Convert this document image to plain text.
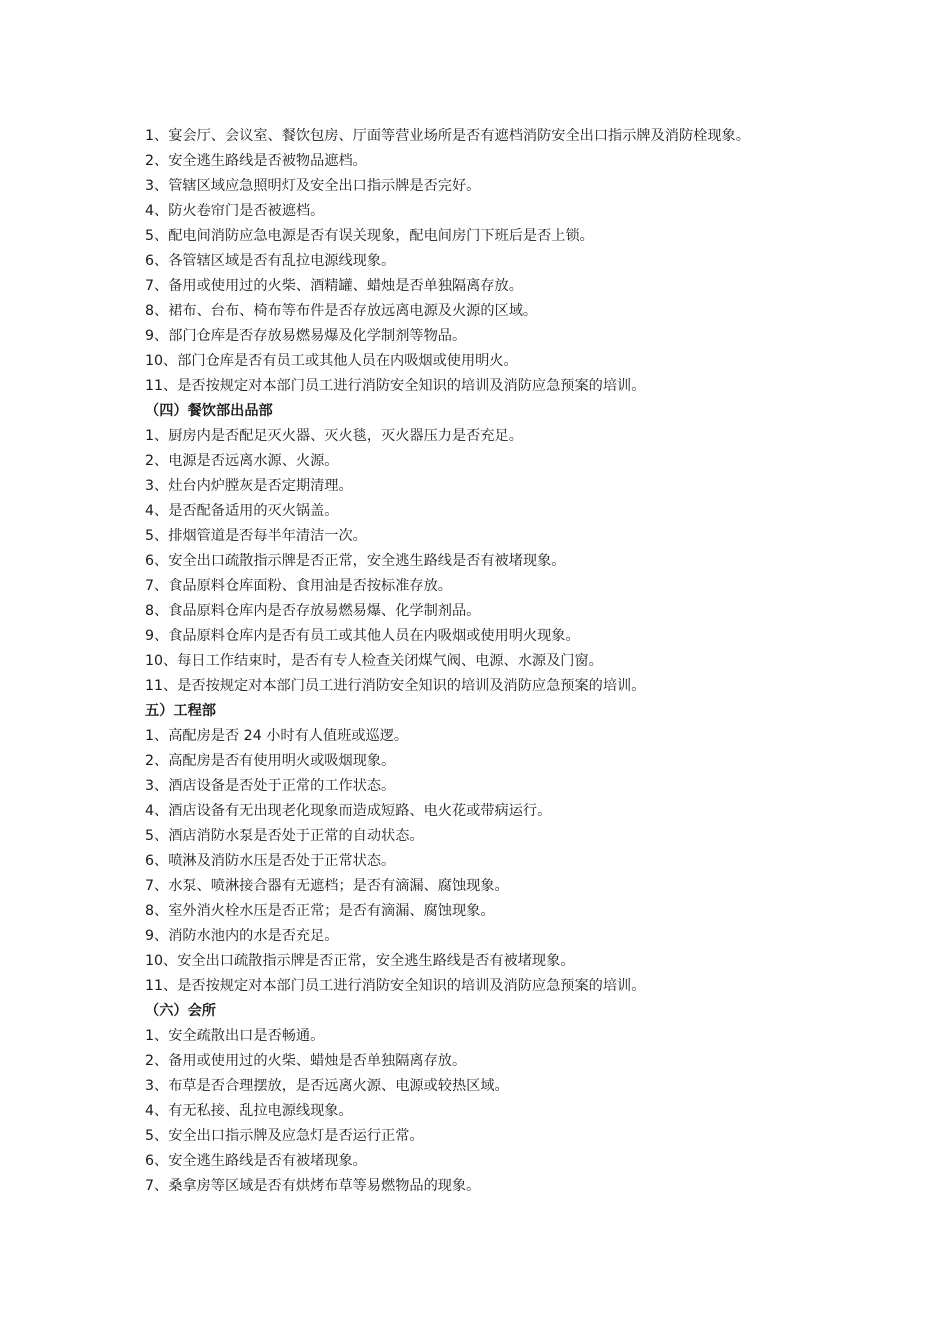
1、宴会厅、会议室、餐饮包房、厅面等营业场所是否有遮档消防安全出口指示牌及消防栓现象。
2、安全逃生路线是否被物品遮档。
3、管辖区域应急照明灯及安全出口指示牌是否完好。
4、防火卷帘门是否被遮档。
5、配电间消防应急电源是否有误关现象，配电间房门下班后是否上锁。
6、各管辖区域是否有乱拉电源线现象。
7、备用或使用过的火柴、酒精罐、蜡烛是否单独隔离存放。
8、裙布、台布、椅布等布件是否存放远离电源及火源的区域。
9、部门仓库是否存放易燃易爆及化学制剂等物品。
10、部门仓库是否有员工或其他人员在内吸烟或使用明火。
11、是否按规定对本部门员工进行消防安全知识的培训及消防应急预案的培训。
（四）餐饮部出品部
1、厨房内是否配足灭火器、灭火毯，灭火器压力是否充足。
2、电源是否远离水源、火源。
3、灶台内炉膛灰是否定期清理。
4、是否配备适用的灭火锅盖。
5、排烟管道是否每半年清洁一次。
6、安全出口疏散指示牌是否正常，安全逃生路线是否有被堵现象。
7、食品原料仓库面粉、食用油是否按标准存放。
8、食品原料仓库内是否存放易燃易爆、化学制剂品。
9、食品原料仓库内是否有员工或其他人员在内吸烟或使用明火现象。
10、每日工作结束时，是否有专人检查关闭煤气阀、电源、水源及门窗。
11、是否按规定对本部门员工进行消防安全知识的培训及消防应急预案的培训。
五）工程部
1、高配房是否 24 小时有人值班或巡逻。
2、高配房是否有使用明火或吸烟现象。
3、酒店设备是否处于正常的工作状态。
4、酒店设备有无出现老化现象而造成短路、电火花或带病运行。
5、酒店消防水泵是否处于正常的自动状态。
6、喷淋及消防水压是否处于正常状态。
7、水泵、喷淋接合器有无遮档；是否有滴漏、腐蚀现象。
8、室外消火栓水压是否正常；是否有滴漏、腐蚀现象。
9、消防水池内的水是否充足。
10、安全出口疏散指示牌是否正常，安全逃生路线是否有被堵现象。
11、是否按规定对本部门员工进行消防安全知识的培训及消防应急预案的培训。
（六）会所
1、安全疏散出口是否畅通。
2、备用或使用过的火柴、蜡烛是否单独隔离存放。
3、布草是否合理摆放，是否远离火源、电源或较热区域。
4、有无私接、乱拉电源线现象。
5、安全出口指示牌及应急灯是否运行正常。
6、安全逃生路线是否有被堵现象。
7、桑拿房等区域是否有烘烤布草等易燃物品的现象。
